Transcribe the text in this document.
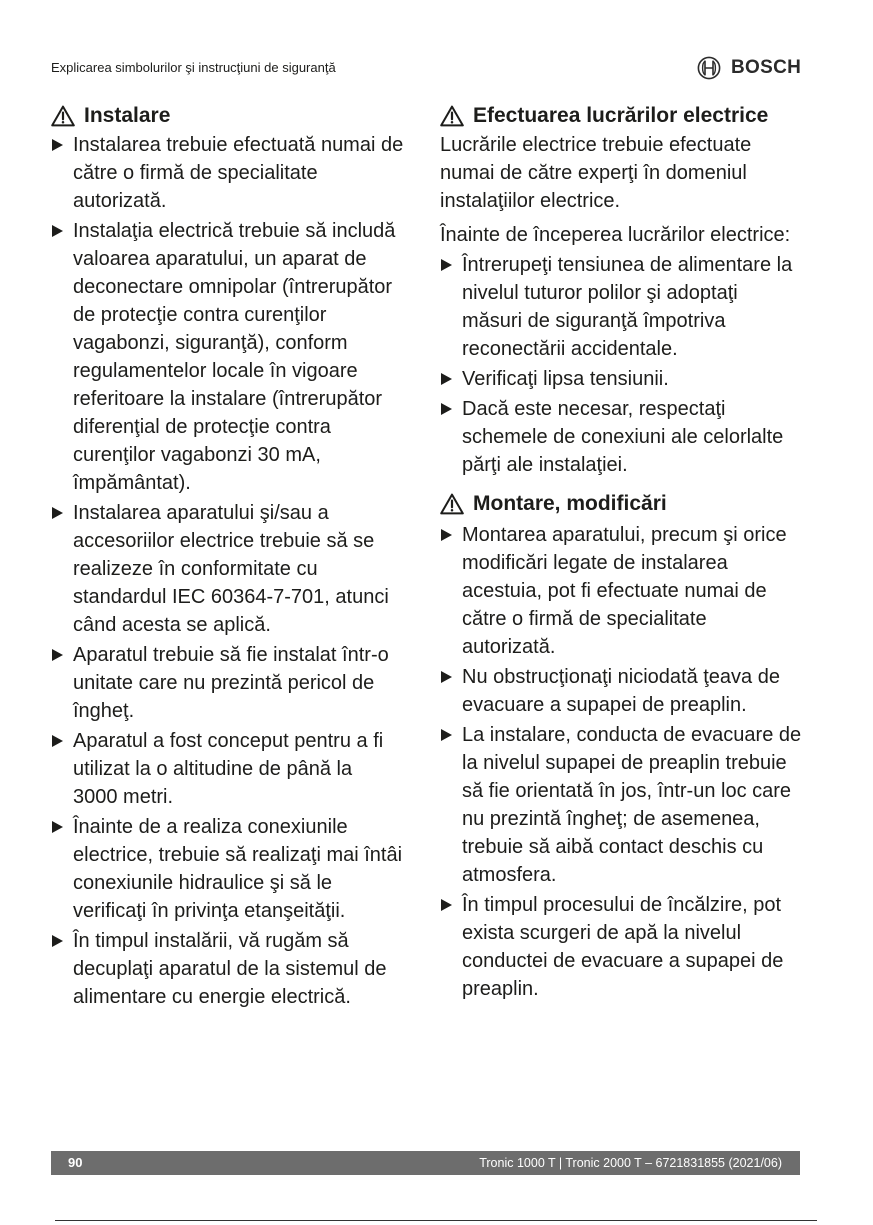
Explicarea simbolurilor şi instrucţiuni de siguranţă	BOSCH
Instalare
Instalarea trebuie efectuată numai de
către o firmă de specialitate
autorizată.
Instalaţia electrică trebuie să includă
valoarea aparatului, un aparat de
deconectare omnipolar (întrerupător
de protecţie contra curenţilor
vagabonzi, siguranţă), conform
regulamentelor locale în vigoare
referitoare la instalare (întrerupător
diferenţial de protecţie contra
curenţilor vagabonzi 30 mA,
împământat).
Instalarea aparatului şi/sau a
accesoriilor electrice trebuie să se
realizeze în conformitate cu
standardul IEC 60364-7-701, atunci
când acesta se aplică.
Aparatul trebuie să fie instalat într-o
unitate care nu prezintă pericol de
îngheţ.
Aparatul a fost conceput pentru a fi
utilizat la o altitudine de până la
3000 metri.
Înainte de a realiza conexiunile
electrice, trebuie să realizaţi mai întâi
conexiunile hidraulice şi să le
verificaţi în privinţa etanşeităţii.
În timpul instalării, vă rugăm să
decuplaţi aparatul de la sistemul de
alimentare cu energie electrică.
Efectuarea lucrărilor electrice
Lucrările electrice trebuie efectuate
numai de către experţi în domeniul
instalaţiilor electrice.
Înainte de începerea lucrărilor electrice:
Întrerupeţi tensiunea de alimentare la
nivelul tuturor polilor şi adoptaţi
măsuri de siguranţă împotriva
reconectării accidentale.
Verificaţi lipsa tensiunii.
Dacă este necesar, respectaţi
schemele de conexiuni ale celorlalte
părţi ale instalaţiei.
Montare, modificări
Montarea aparatului, precum şi orice
modificări legate de instalarea
acestuia, pot fi efectuate numai de
către o firmă de specialitate
autorizată.
Nu obstrucţionaţi niciodată ţeava de
evacuare a supapei de preaplin.
La instalare, conducta de evacuare de
la nivelul supapei de preaplin trebuie
să fie orientată în jos, într-un loc care
nu prezintă îngheţ; de asemenea,
trebuie să aibă contact deschis cu
atmosfera.
În timpul procesului de încălzire, pot
exista scurgeri de apă la nivelul
conductei de evacuare a supapei de
preaplin.
90	Tronic 1000 T | Tronic 2000 T – 6721831855 (2021/06)
